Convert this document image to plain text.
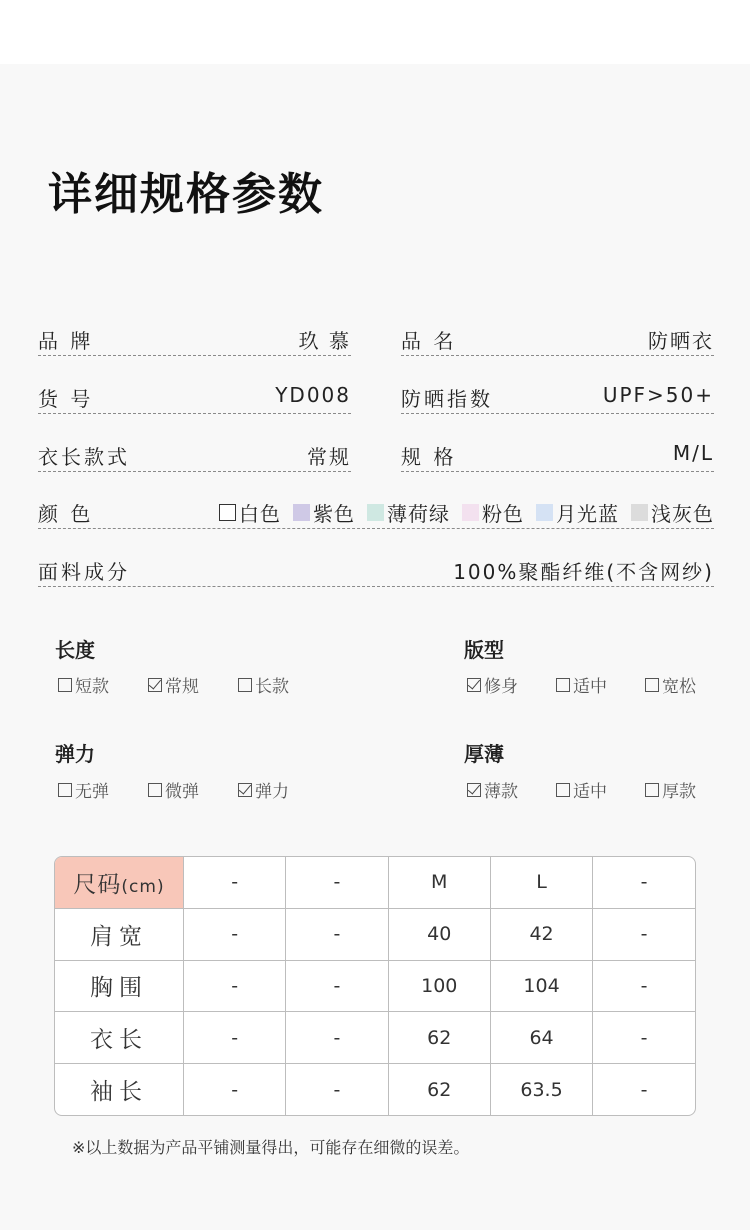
详细规格参数
品 牌	玖 慕	品 名	防晒衣
货 号	YD008	防晒指数	UPF>50+
衣长款式	常规	规 格	M/L
颜 色	白色 紫色 薄荷绿 粉色 月光蓝 浅灰色
面料成分	100%聚酯纤维(不含网纱)
长度	版型
弹力	厚薄
短款	常规	长款	修身	适中	宽松
无弹	微弹	弹力	薄款	适中	厚款
尺码(cm)	-	-	M	L	-
肩宽	-	-	40	42	-
胸围	-	-	100	104	-
衣长	-	-	62	64	-
袖长	-	-	62	63.5	-
※以上数据为产品平铺测量得出，可能存在细微的误差。
